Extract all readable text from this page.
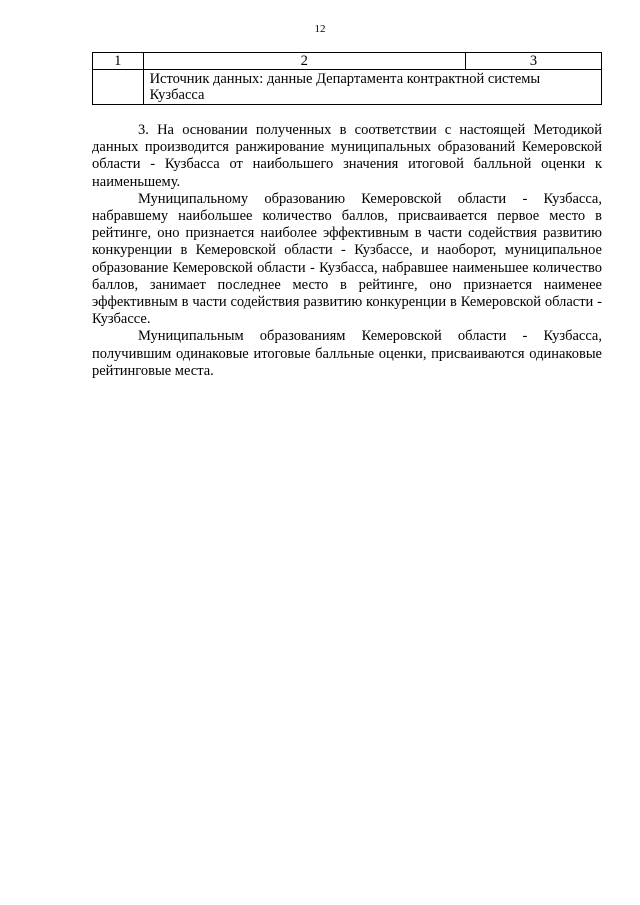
12
1	2	3
	Источник данных: данные Департамента контрактной системы Кузбасса	

3. На основании полученных в соответствии с настоящей Методикой данных производится ранжирование муниципальных образований Кемеровской области - Кузбасса от наибольшего значения итоговой балльной оценки к наименьшему.

Муниципальному образованию Кемеровской области - Кузбасса, набравшему наибольшее количество баллов, присваивается первое место в рейтинге, оно признается наиболее эффективным в части содействия развитию конкуренции в Кемеровской области - Кузбассе, и наоборот, муниципальное образование Кемеровской области - Кузбасса, набравшее наименьшее количество баллов, занимает последнее место в рейтинге, оно признается наименее эффективным в части содействия развитию конкуренции в Кемеровской области - Кузбассе.

Муниципальным образованиям Кемеровской области - Кузбасса, получившим одинаковые итоговые балльные оценки, присваиваются одинаковые рейтинговые места.
